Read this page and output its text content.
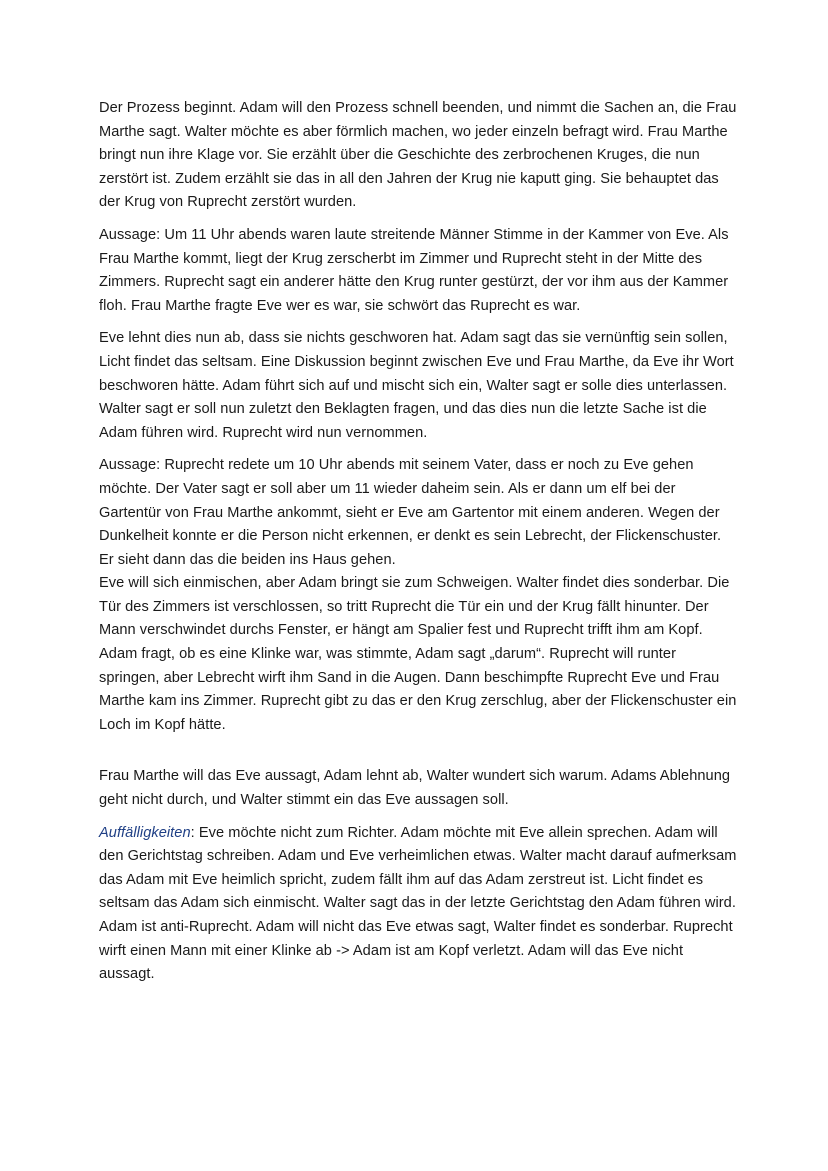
Der Prozess beginnt. Adam will den Prozess schnell beenden, und nimmt die Sachen an, die Frau Marthe sagt. Walter möchte es aber förmlich machen, wo jeder einzeln befragt wird. Frau Marthe bringt nun ihre Klage vor. Sie erzählt über die Geschichte des zerbrochenen Kruges, die nun zerstört ist. Zudem erzählt sie das in all den Jahren der Krug nie kaputt ging. Sie behauptet das der Krug von Ruprecht zerstört wurden.

Aussage: Um 11 Uhr abends waren laute streitende Männer Stimme in der Kammer von Eve. Als Frau Marthe kommt, liegt der Krug zerscherbt im Zimmer und Ruprecht steht in der Mitte des Zimmers. Ruprecht sagt ein anderer hätte den Krug runter gestürzt, der vor ihm aus der Kammer floh. Frau Marthe fragte Eve wer es war, sie schwört das Ruprecht es war.

Eve lehnt dies nun ab, dass sie nichts geschworen hat. Adam sagt das sie vernünftig sein sollen, Licht findet das seltsam. Eine Diskussion beginnt zwischen Eve und Frau Marthe, da Eve ihr Wort beschworen hätte. Adam führt sich auf und mischt sich ein, Walter sagt er solle dies unterlassen. Walter sagt er soll nun zuletzt den Beklagten fragen, und das dies nun die letzte Sache ist die Adam führen wird. Ruprecht wird nun vernommen.

Aussage: Ruprecht redete um 10 Uhr abends mit seinem Vater, dass er noch zu Eve gehen möchte. Der Vater sagt er soll aber um 11 wieder daheim sein. Als er dann um elf bei der Gartentür von Frau Marthe ankommt, sieht er Eve am Gartentor mit einem anderen. Wegen der Dunkelheit konnte er die Person nicht erkennen, er denkt es sein Lebrecht, der Flickenschuster. Er sieht dann das die beiden ins Haus gehen.

Eve will sich einmischen, aber Adam bringt sie zum Schweigen. Walter findet dies sonderbar. Die Tür des Zimmers ist verschlossen, so tritt Ruprecht die Tür ein und der Krug fällt hinunter. Der Mann verschwindet durchs Fenster, er hängt am Spalier fest und Ruprecht trifft ihm am Kopf. Adam fragt, ob es eine Klinke war, was stimmte, Adam sagt „darum“. Ruprecht will runter springen, aber Lebrecht wirft ihm Sand in die Augen. Dann beschimpfte Ruprecht Eve und Frau Marthe kam ins Zimmer. Ruprecht gibt zu das er den Krug zerschlug, aber der Flickenschuster ein Loch im Kopf hätte.

Frau Marthe will das Eve aussagt, Adam lehnt ab, Walter wundert sich warum. Adams Ablehnung geht nicht durch, und Walter stimmt ein das Eve aussagen soll.

Auffälligkeiten: Eve möchte nicht zum Richter. Adam möchte mit Eve allein sprechen. Adam will den Gerichtstag schreiben. Adam und Eve verheimlichen etwas. Walter macht darauf aufmerksam das Adam mit Eve heimlich spricht, zudem fällt ihm auf das Adam zerstreut ist. Licht findet es seltsam das Adam sich einmischt. Walter sagt das in der letzte Gerichtstag den Adam führen wird. Adam ist anti-Ruprecht. Adam will nicht das Eve etwas sagt, Walter findet es sonderbar. Ruprecht wirft einen Mann mit einer Klinke ab -> Adam ist am Kopf verletzt. Adam will das Eve nicht aussagt.
